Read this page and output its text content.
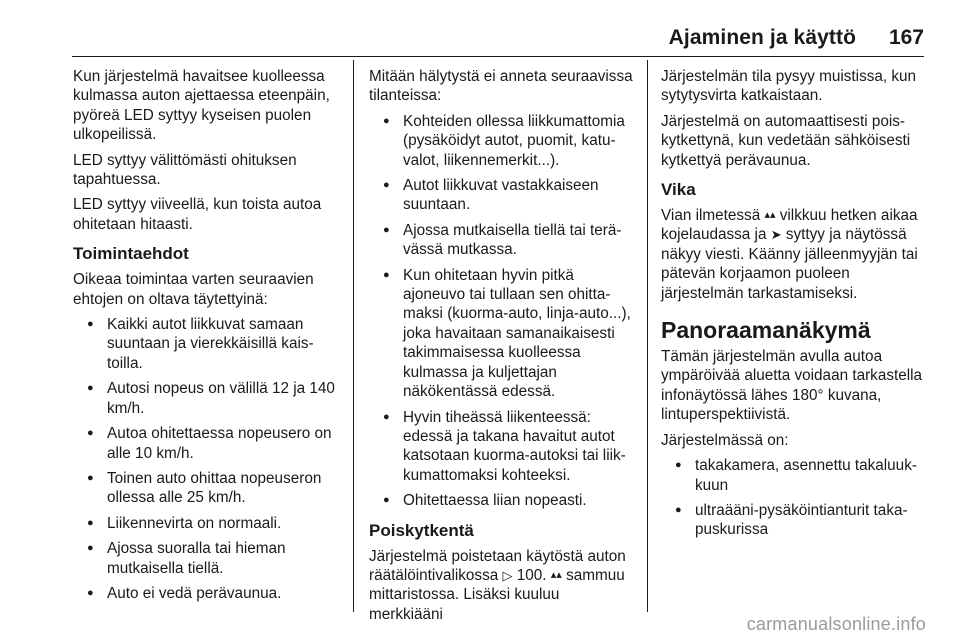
Ajaminen ja käyttö 167

Kun järjestelmä havaitsee kuolleessa kulmassa auton ajettaessa eteenpäin, pyöreä LED syttyy kyseisen puolen ulkopeilissä.

LED syttyy välittömästi ohituksen tapahtuessa.

LED syttyy viiveellä, kun toista autoa ohitetaan hitaasti.

Toimintaehdot

Oikeaa toimintaa varten seuraavien ehtojen on oltava täytettyinä:

● Kaikki autot liikkuvat samaan suuntaan ja vierekkäisillä kaistoilla.
● Autosi nopeus on välillä 12 ja 140 km/h.
● Autoa ohitettaessa nopeusero on alle 10 km/h.
● Toinen auto ohittaa nopeuseron ollessa alle 25 km/h.
● Liikennevirta on normaali.
● Ajossa suoralla tai hieman mutkaisella tiellä.
● Auto ei vedä perävaunua.

Mitään hälytystä ei anneta seuraavissa tilanteissa:

● Kohteiden ollessa liikkumattomia (pysäköidyt autot, puomit, katuvalot, liikennemerkit...).
● Autot liikkuvat vastakkaiseen suuntaan.
● Ajossa mutkaisella tiellä tai terävässä mutkassa.
● Kun ohitetaan hyvin pitkä ajoneuvo tai tullaan sen ohittamaksi (kuorma-auto, linja-auto...), joka havaitaan samanaikaisesti takimmaisessa kuolleessa kulmassa ja kuljettajan näkökentässä edessä.
● Hyvin tiheässä liikenteessä: edessä ja takana havaitut autot katsotaan kuorma-autoksi tai liikkumattomaksi kohteeksi.
● Ohitettaessa liian nopeasti.
Poiskytkentä

Järjestelmä poistetaan käytöstä auton räätälöintivalikossa ▷ 100. ▴▴ sammuu mittaristossa. Lisäksi kuuluu merkkiääni

Järjestelmän tila pysyy muistissa, kun sytytysvirta katkaistaan.

Järjestelmä on automaattisesti poiskytkettynä, kun vedetään sähköisesti kytkettyä perävaunua.

Vika

Vian ilmetessä ▴▴ vilkkuu hetken aikaa kojelaudassa ja ➤ syttyy ja näytössä näkyy viesti. Käänny jälleenmyyjän tai pätevän korjaamon puoleen järjestelmän tarkastamiseksi.

Panoraamanäkymä

Tämän järjestelmän avulla autoa ympäröivää aluetta voidaan tarkastella infonäytössä lähes 180° kuvana, lintuperspektiivistä.

Järjestelmässä on:

● takakamera, asennettu takaluukkuun
● ultraääni-pysäköintianturit takapuskurissa
carmanualsonline.info
